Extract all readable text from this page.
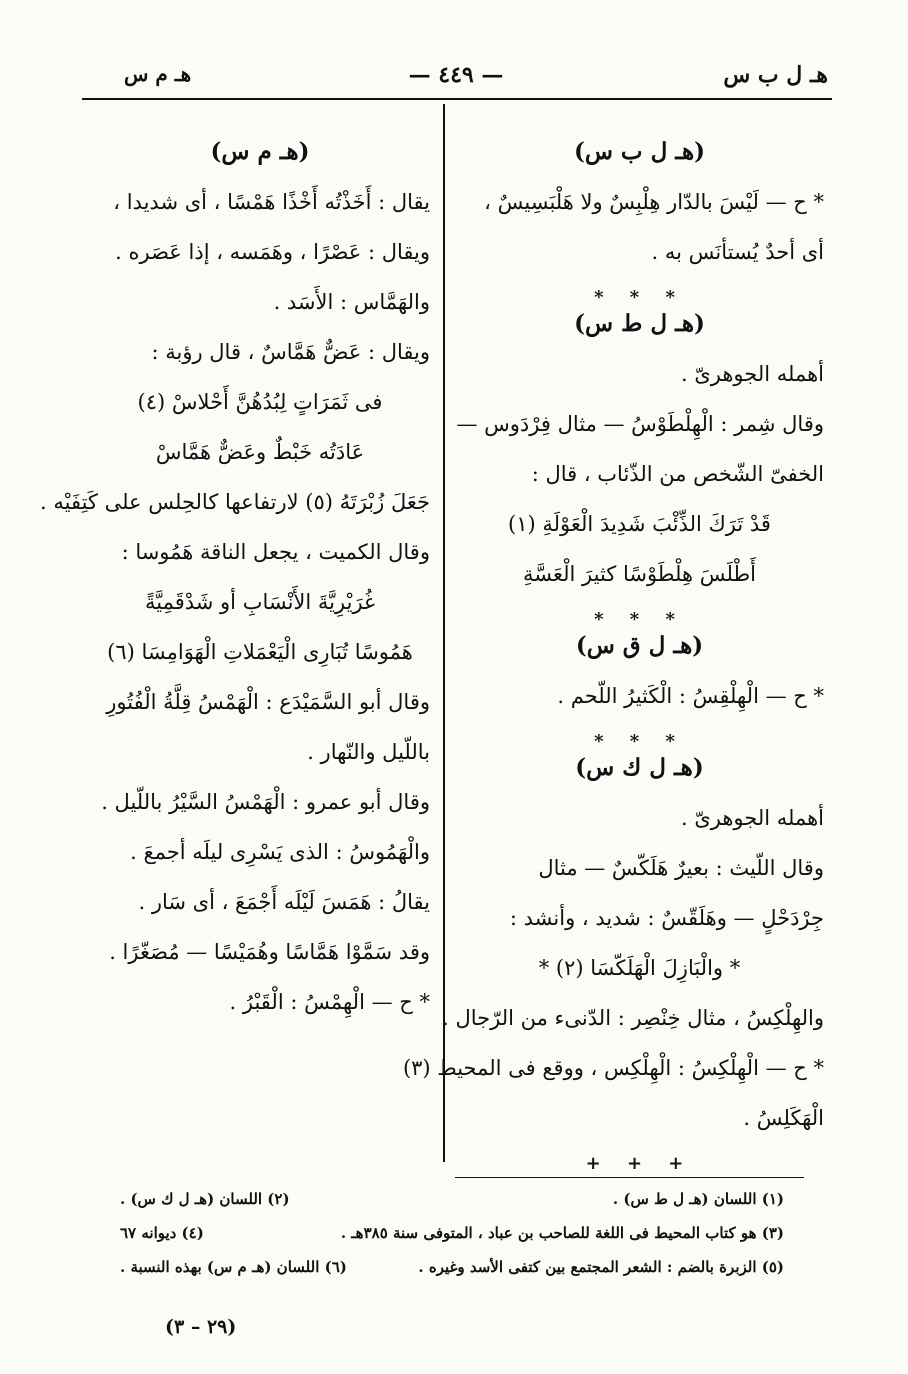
هـ ل ب س
— ٤٤٩ —
هـ م س
(هـ ل ب س)
* ح — لَيْسَ بالدّار هِلْبِسٌ ولا هَلْبَسِيسٌ ،
أى أحدٌ يُستأنَس به .
* * *
(هـ ل ط س)
أهمله الجوهرىّ .
وقال شِمر : الْهِلْطَوْسُ — مثال فِرْدَوس —
الخفىّ الشّخص من الذّئاب ، قال :
قَدْ تَرَكَ الذِّئْبَ شَدِيدَ الْعَوْلَةِ (١)
أَطْلَسَ هِلْطَوْسًا كثيرَ الْعَسَّةِ
* * *
(هـ ل ق س)
* ح — الْهِلْقِسُ : الْكَثيرُ اللّحم .
* * *
(هـ ل ك س)
أهمله الجوهرىّ .
وقال اللّيث : بعيرٌ هَلَكّسٌ — مثال
جِرْدَحْلٍ — وهَلَقّسٌ : شديد ، وأنشد :
* والْبَازِلَ الْهَلَكّسَا (٢) *
والهِلْكِسُ ، مثال خِنْصِر : الدّنىء من الرّجال .
* ح — الْهِلْكِسُ : الْهِلْكِس ، ووقع فى المحيط (٣)
الْهَكَلِسُ .
+ + +
(هـ م س)
يقال : أَخَذْتُه أَخْذًا هَمْسًا ، أى شديدا ،
ويقال : عَصْرًا ، وهَمَسه ، إذا عَصَره .
والهَمَّاس : الأَسَد .
ويقال : عَضٌّ هَمَّاسٌ ، قال رؤبة :
فى ثَمَرَاتٍ لِبُدُهُنَّ أَحْلاسْ (٤)
عَادَتُه خَبْطٌ وعَضٌّ هَمَّاسْ
جَعَلَ زُبْرَتَهُ (٥) لارتفاعها كالحِلس على كَتِفَيْه .
وقال الكميت ، يجعل الناقة هَمُوسا :
غُرَيْرِيَّةَ الأَنْسَابِ أو شَدْقَمِيَّةً
هَمُوسًا تُبَارِى الْيَعْمَلاتِ الْهَوَامِسَا (٦)
وقال أبو السَّمَيْدَع : الْهَمْسُ قِلَّةُ الْفُتُورِ
باللّيل والنّهار .
وقال أبو عمرو : الْهَمْسُ السَّيْرُ باللّيل .
والْهَمُوسُ : الذى يَسْرِى ليلَه أجمعَ .
يقالُ : هَمَسَ لَيْلَه أَجْمَعَ ، أى سَار .
وقد سَمَّوْا هَمَّاسًا وهُمَيْسًا — مُصَغّرًا .
* ح — الْهِمْسُ : الْقَبْرُ .
(١) اللسان (هـ ل ط س) .
(٢) اللسان (هـ ل ك س) .
(٣) هو كتاب المحيط فى اللغة للصاحب بن عباد ، المتوفى سنة ٣٨٥هـ .
(٤) ديوانه ٦٧
(٥) الزبرة بالضم : الشعر المجتمع بين كتفى الأسد وغيره .
(٦) اللسان (هـ م س) بهذه النسبة .
(٢٩ – ٣)
